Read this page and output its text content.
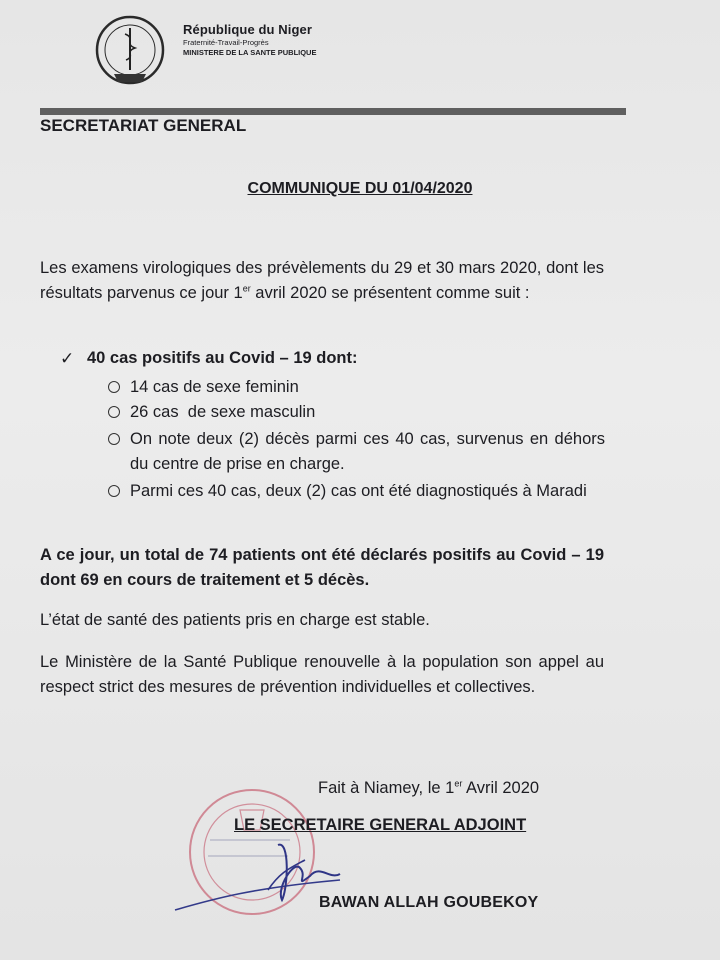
République du Niger
Fraternité-Travail-Progrès
MINISTERE DE LA SANTE PUBLIQUE
SECRETARIAT GENERAL
COMMUNIQUE DU 01/04/2020
Les examens virologiques des prévèlements du 29 et 30 mars 2020, dont les résultats parvenus ce jour 1er avril 2020 se présentent comme suit :
✓ 40 cas positifs au Covid – 19 dont:
14 cas de sexe feminin
26 cas  de sexe masculin
On note deux (2) décès parmi ces 40 cas, survenus en déhors du centre de prise en charge.
Parmi ces 40 cas, deux (2) cas ont été diagnostiqués à Maradi
A ce jour, un total de 74 patients ont été déclarés positifs au Covid – 19 dont 69 en cours de traitement et 5 décès.
L’état de santé des patients pris en charge est stable.
Le Ministère de la Santé Publique renouvelle à la population son appel au respect strict des mesures de prévention individuelles et collectives.
Fait à Niamey, le 1er Avril 2020
LE SECRETAIRE GENERAL ADJOINT
BAWAN ALLAH GOUBEKOY
